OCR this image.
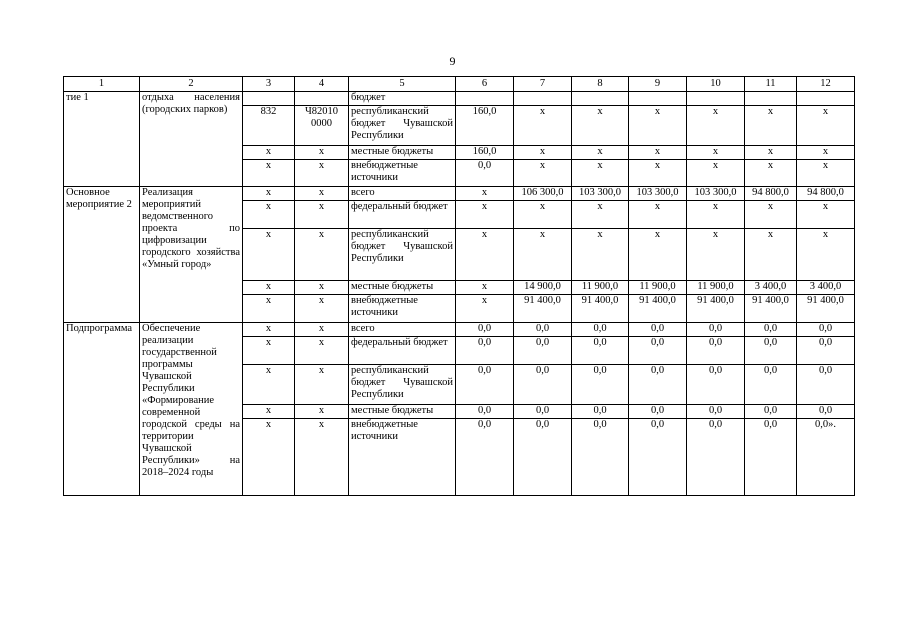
9
1	2	3	4	5	6	7	8	9	10	11	12
тие 1	отдыха населения (городских парков)			бюджет							
		832	Ч82010 0000	республиканский бюджет Чувашской Республики	160,0	x	x	x	x	x	x
		x	x	местные бюджеты	160,0	x	x	x	x	x	x
		x	x	внебюджетные источники	0,0	x	x	x	x	x	x
Основное мероприятие 2	Реализация мероприятий ведомственного проекта по цифровизации городского хозяйства «Умный город»	x	x	всего	x	106 300,0	103 300,0	103 300,0	103 300,0	94 800,0	94 800,0
		x	x	федеральный бюджет	x	x	x	x	x	x	x
		x	x	республиканский бюджет Чувашской Республики	x	x	x	x	x	x	x
		x	x	местные бюджеты	x	14 900,0	11 900,0	11 900,0	11 900,0	3 400,0	3 400,0
		x	x	внебюджетные источники	x	91 400,0	91 400,0	91 400,0	91 400,0	91 400,0	91 400,0
Подпрограмма	Обеспечение реализации государственной программы Чувашской Республики «Формирование современной городской среды на территории Чувашской Республики» на 2018–2024 годы	x	x	всего	0,0	0,0	0,0	0,0	0,0	0,0	0,0
		x	x	федеральный бюджет	0,0	0,0	0,0	0,0	0,0	0,0	0,0
		x	x	республиканский бюджет Чувашской Республики	0,0	0,0	0,0	0,0	0,0	0,0	0,0
		x	x	местные бюджеты	0,0	0,0	0,0	0,0	0,0	0,0	0,0
		x	x	внебюджетные источники	0,0	0,0	0,0	0,0	0,0	0,0	0,0».
